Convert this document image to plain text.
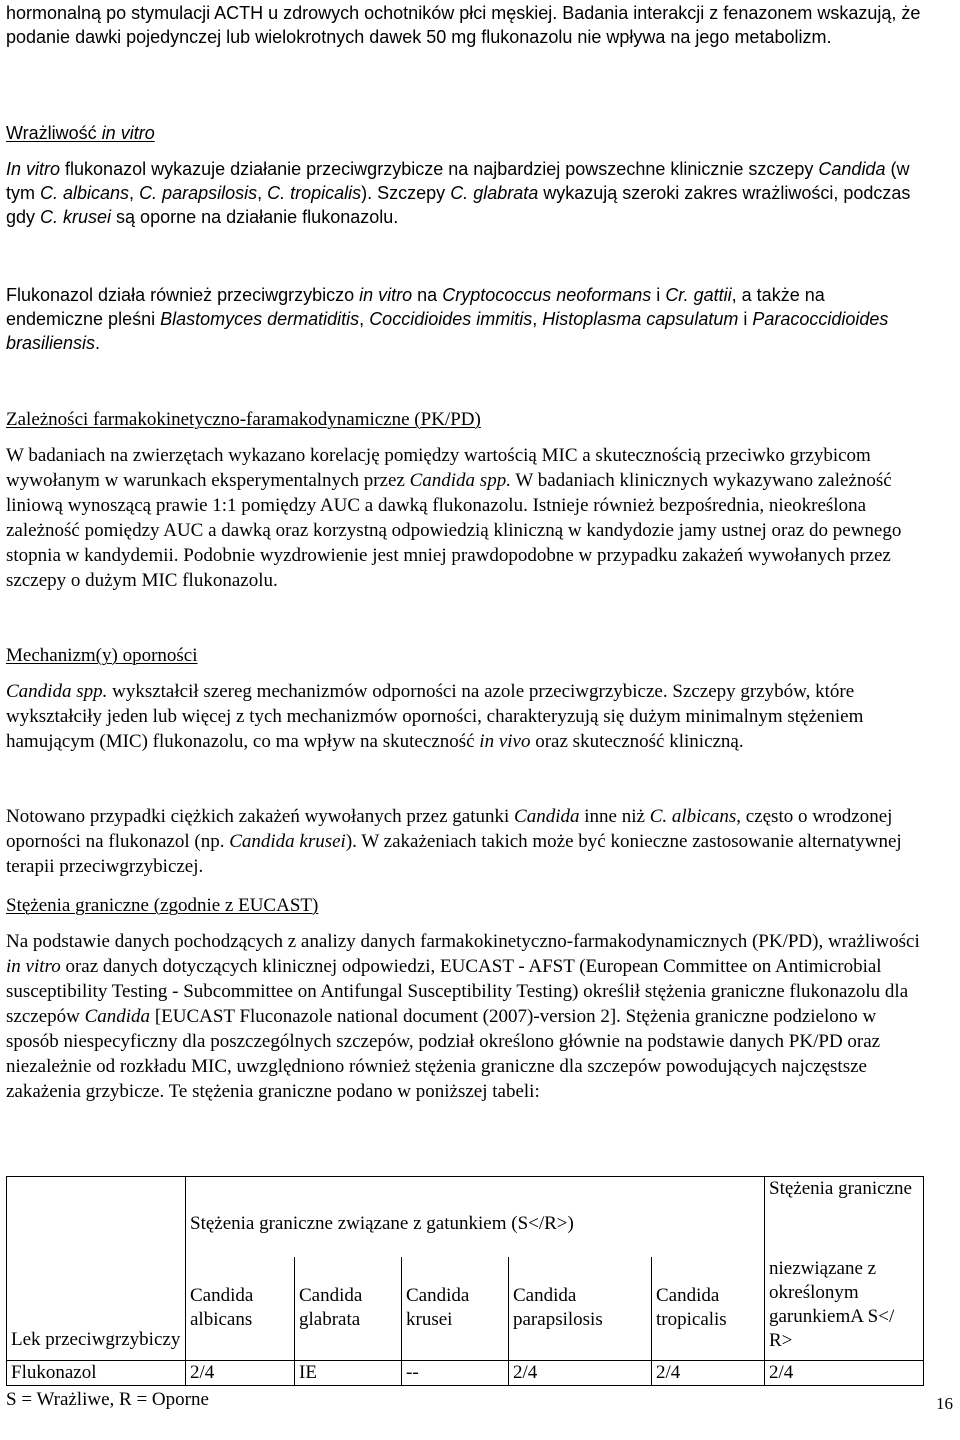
hormonalną po stymulacji ACTH u zdrowych ochotników płci męskiej. Badania interakcji z fenazonem wskazują, że podanie dawki pojedynczej lub wielokrotnych dawek 50 mg flukonazolu nie wpływa na jego metabolizm.

Wrażliwość in vitro

In vitro flukonazol wykazuje działanie przeciwgrzybicze na najbardziej powszechne klinicznie szczepy Candida (w tym C. albicans, C. parapsilosis, C. tropicalis). Szczepy C. glabrata wykazują szeroki zakres wrażliwości, podczas gdy C. krusei są oporne na działanie flukonazolu.

Flukonazol działa również przeciwgrzybiczo in vitro na Cryptococcus neoformans i Cr. gattii, a także na endemiczne pleśni Blastomyces dermatiditis, Coccidioides immitis, Histoplasma capsulatum i Paracoccidioides brasiliensis.

Zależności farmakokinetyczno-faramakodynamiczne (PK/PD)

W badaniach na zwierzętach wykazano korelację pomiędzy wartością MIC a skutecznością przeciwko grzybicom wywołanym w warunkach eksperymentalnych przez Candida spp. W badaniach klinicznych wykazywano zależność liniową wynoszącą prawie 1:1 pomiędzy AUC a dawką flukonazolu. Istnieje również bezpośrednia, nieokreślona zależność pomiędzy AUC a dawką oraz korzystną odpowiedzią kliniczną w kandydozie jamy ustnej oraz do pewnego stopnia w kandydemii. Podobnie wyzdrowienie jest mniej prawdopodobne w przypadku zakażeń wywołanych przez szczepy o dużym MIC flukonazolu.

Mechanizm(y) oporności

Candida spp. wykształcił szereg mechanizmów odporności na azole przeciwgrzybicze. Szczepy grzybów, które wykształciły jeden lub więcej z tych mechanizmów oporności, charakteryzują się dużym minimalnym stężeniem hamującym (MIC) flukonazolu, co ma wpływ na skuteczność in vivo oraz skuteczność kliniczną.

Notowano przypadki ciężkich zakażeń wywołanych przez gatunki Candida inne niż C. albicans, często o wrodzonej oporności na flukonazol (np. Candida krusei). W zakażeniach takich może być konieczne zastosowanie alternatywnej terapii przeciwgrzybiczej.

Stężenia graniczne (zgodnie z EUCAST)

Na podstawie danych pochodzących z analizy danych farmakokinetyczno-farmakodynamicznych (PK/PD), wrażliwości in vitro oraz danych dotyczących klinicznej odpowiedzi, EUCAST - AFST (European Committee on Antimicrobial susceptibility Testing - Subcommittee on Antifungal Susceptibility Testing) określił stężenia graniczne flukonazolu dla szczepów Candida [EUCAST Fluconazole national document (2007)-version 2]. Stężenia graniczne podzielono w sposób niespecyficzny dla poszczególnych szczepów, podział określono głównie na podstawie danych PK/PD oraz niezależnie od rozkładu MIC, uwzględniono również stężenia graniczne dla szczepów powodujących najczęstsze zakażenia grzybicze. Te stężenia graniczne podano w poniższej tabeli:

Lek przeciwgrzybiczy	Stężenia graniczne związane z gatunkiem (S</R>)					Stężenia graniczne
	Candida albicans	Candida glabrata	Candida krusei	Candida parapsilosis	Candida tropicalis	niezwiązane z określonym garunkiemA S</ R>
Flukonazol	2/4	IE	--	2/4	2/4	2/4
S = Wrażliwe, R = Oporne	16
